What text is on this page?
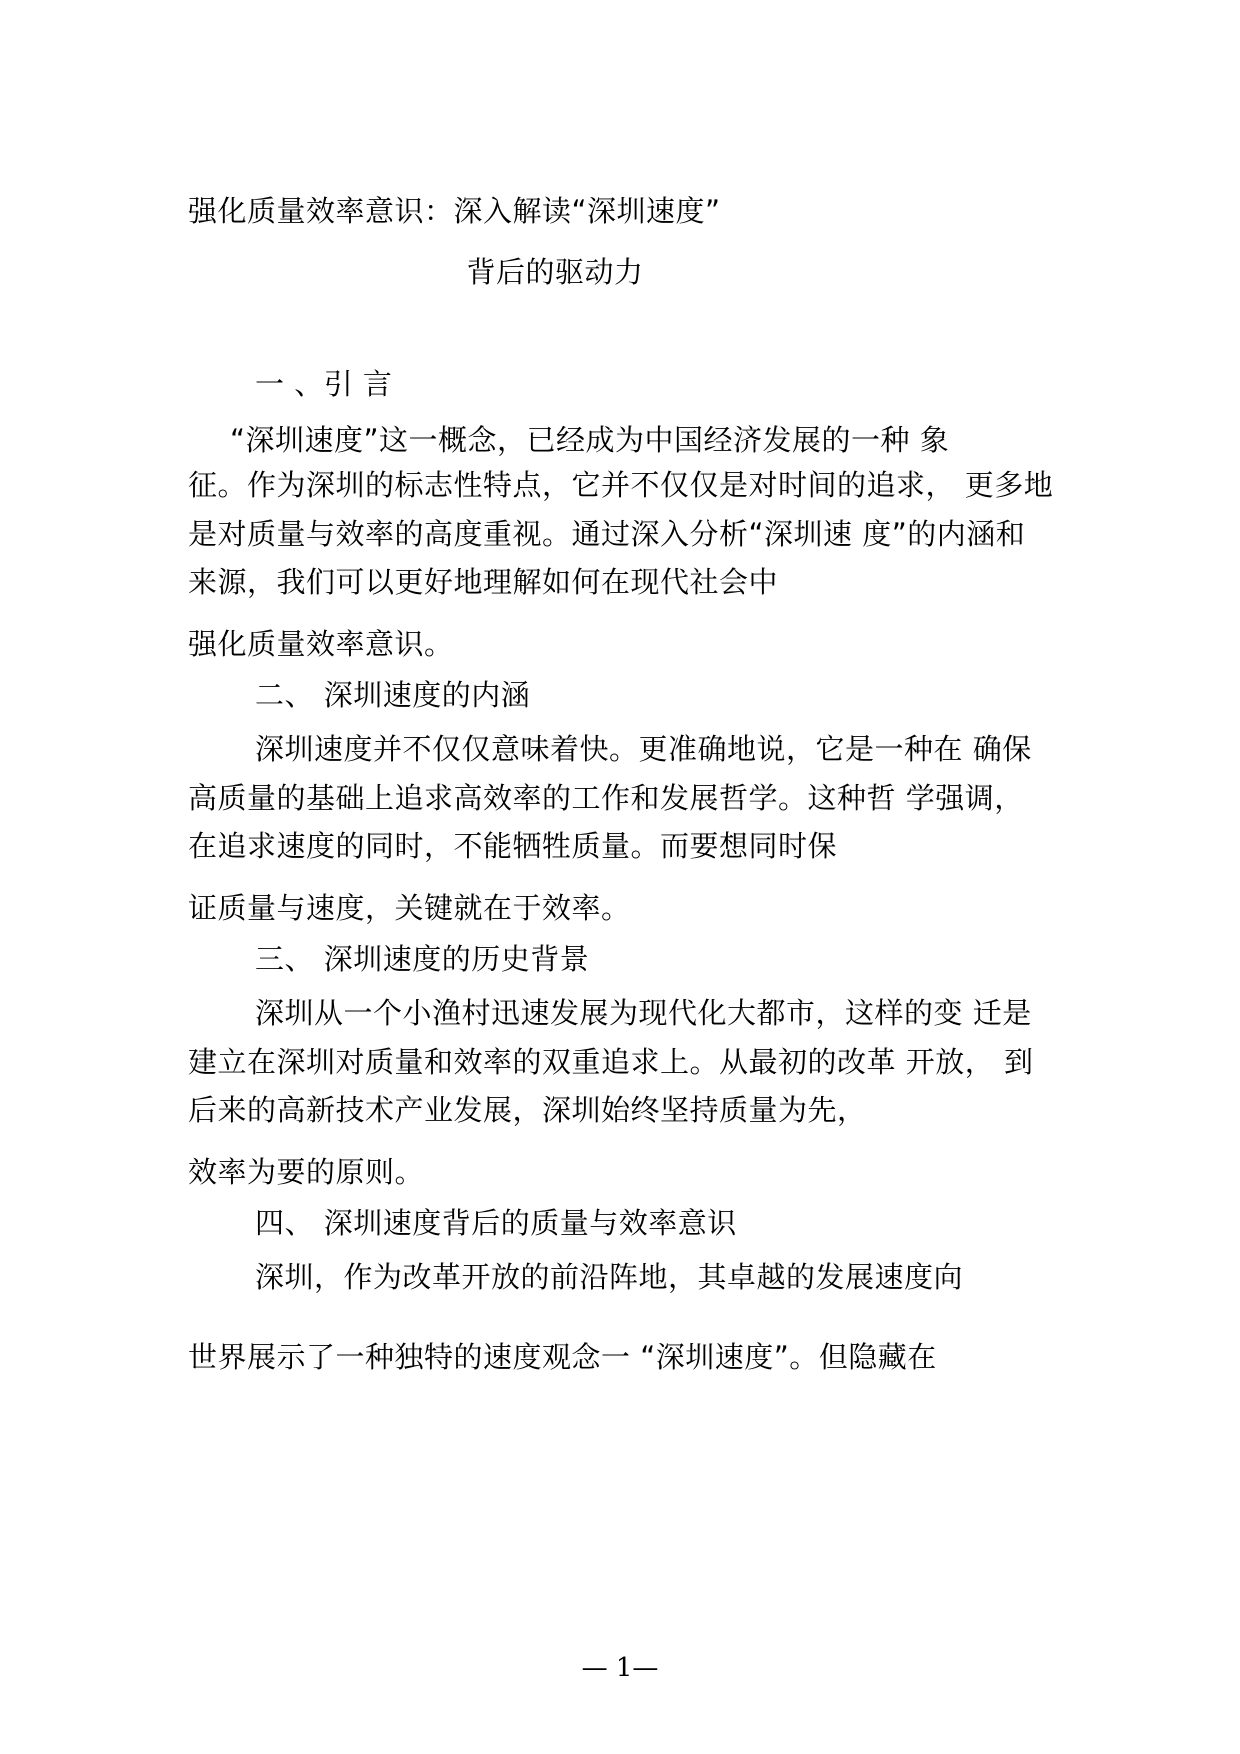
强化质量效率意识：深入解读“深圳速度”
背后的驱动力
一 、引 言
“深圳速度”这一概念，已经成为中国经济发展的一种 象
征。作为深圳的标志性特点，它并不仅仅是对时间的追求， 更多地
是对质量与效率的高度重视。通过深入分析“深圳速 度”的内涵和
来源，我们可以更好地理解如何在现代社会中
强化质量效率意识。
二、 深圳速度的内涵
深圳速度并不仅仅意味着快。更准确地说，它是一种在 确保
高质量的基础上追求高效率的工作和发展哲学。这种哲 学强调，
在追求速度的同时，不能牺牲质量。而要想同时保
证质量与速度，关键就在于效率。
三、 深圳速度的历史背景
深圳从一个小渔村迅速发展为现代化大都市，这样的变 迁是
建立在深圳对质量和效率的双重追求上。从最初的改革 开放， 到
后来的高新技术产业发展，深圳始终坚持质量为先，
效率为要的原则。
四、 深圳速度背后的质量与效率意识
深圳，作为改革开放的前沿阵地，其卓越的发展速度向
世界展示了一种独特的速度观念一 “深圳速度”。但隐藏在
— 1—
